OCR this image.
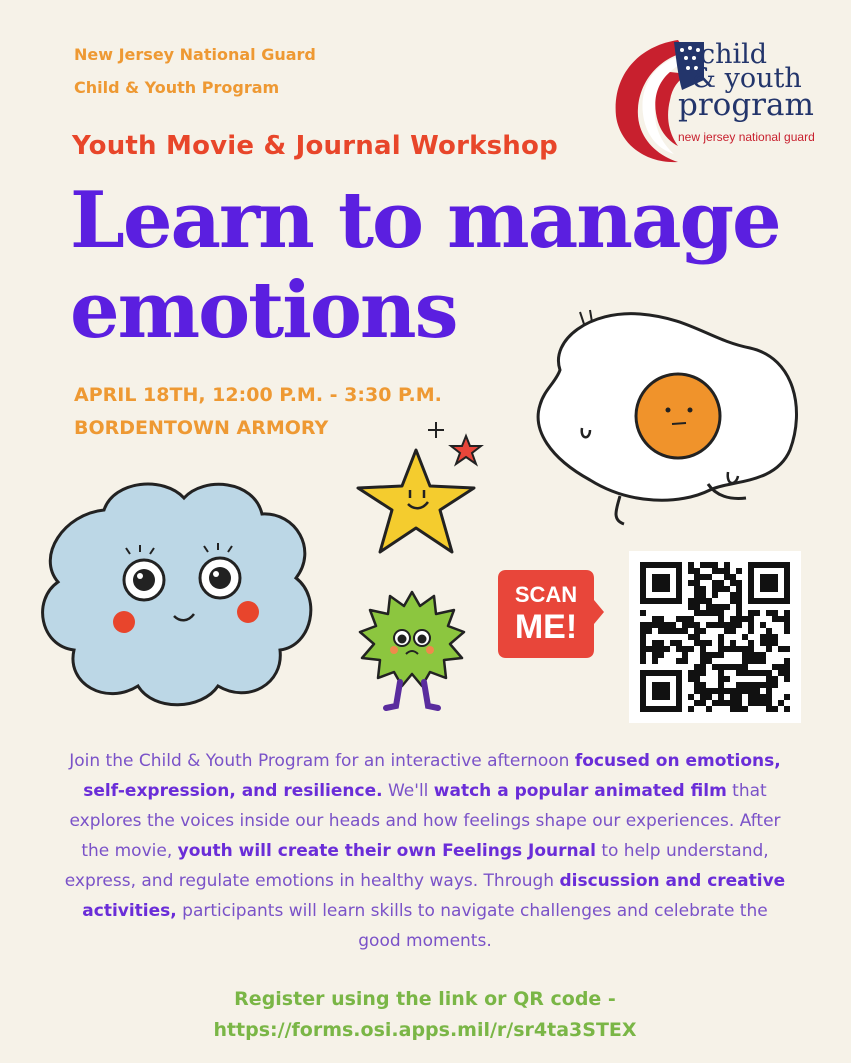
New Jersey National Guard
Child & Youth Program
child
& youth
program
new jersey national guard
Youth Movie & Journal Workshop
Learn to manage
emotions
APRIL 18TH, 12:00 P.M. - 3:30 P.M.
BORDENTOWN ARMORY
SCAN
ME!
Join the Child & Youth Program for an interactive afternoon focused on emotions, self-expression, and resilience. We'll watch a popular animated film that explores the voices inside our heads and how feelings shape our experiences. After the movie, youth will create their own Feelings Journal to help understand, express, and regulate emotions in healthy ways. Through discussion and creative activities, participants will learn skills to navigate challenges and celebrate the good moments.
Register using the link or QR code -
https://forms.osi.apps.mil/r/sr4ta3STEX
